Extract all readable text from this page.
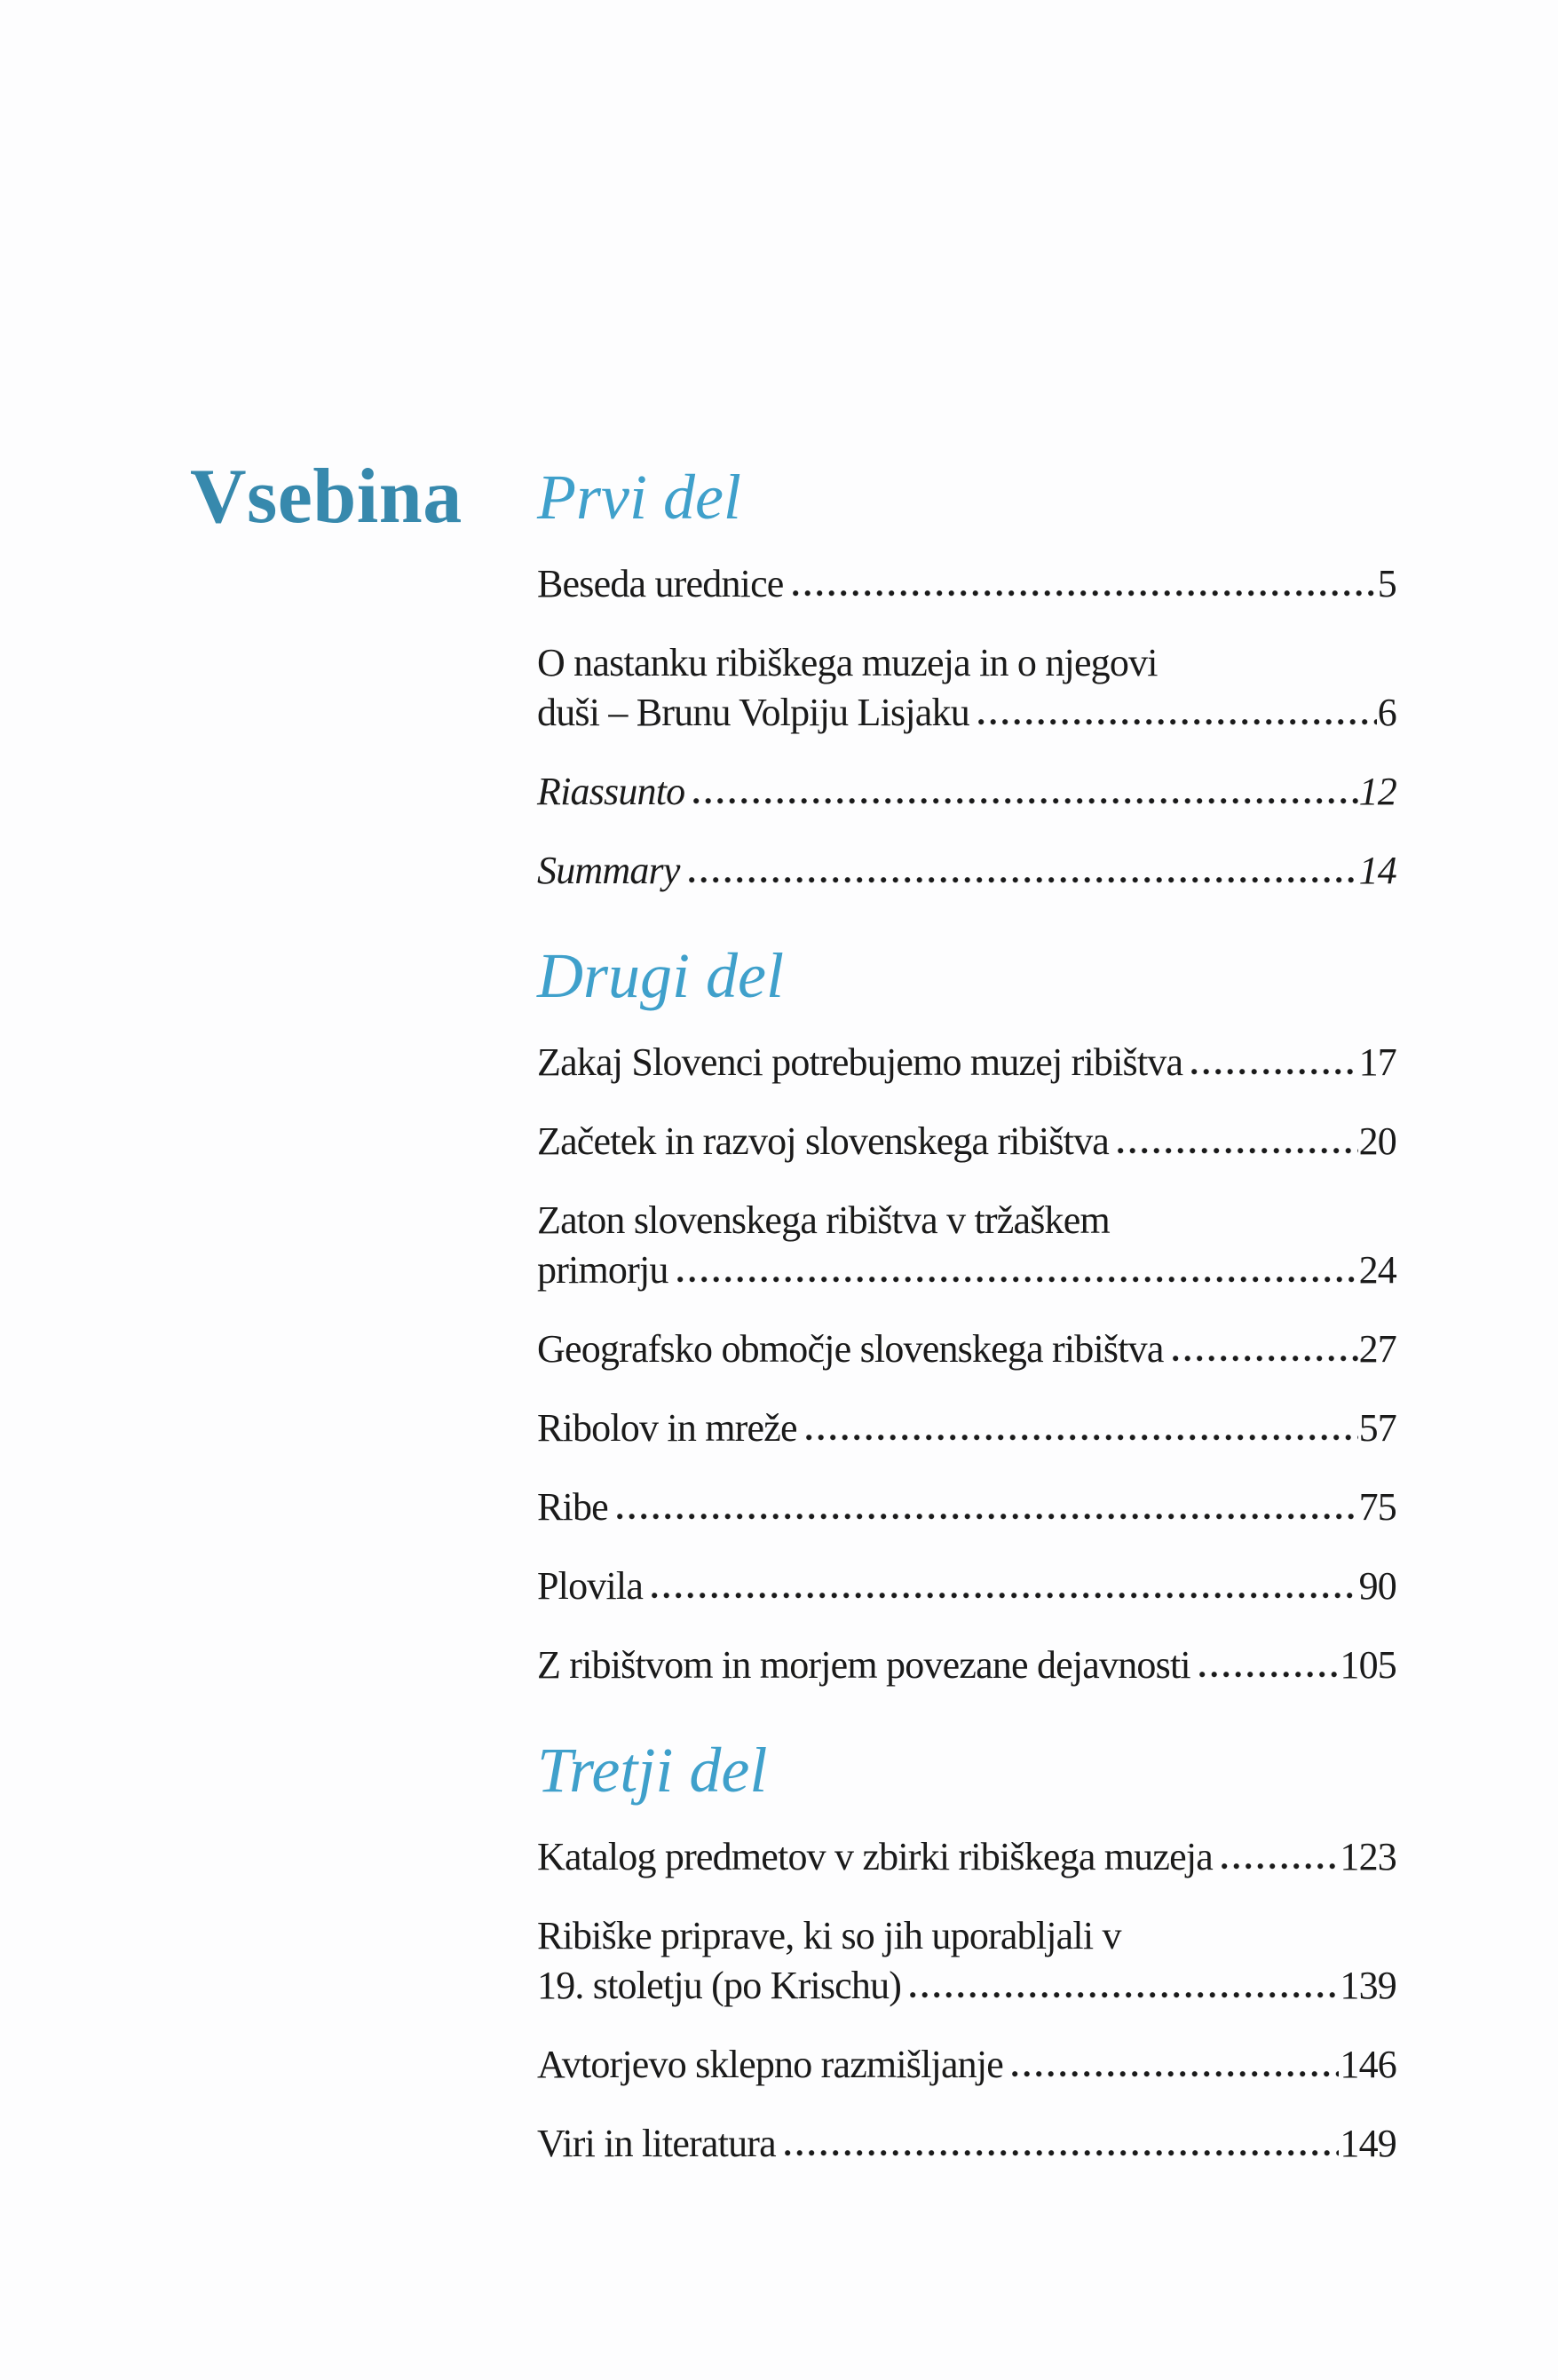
Vsebina Prvi del
Beseda urednice	5
O nastanku ribiškega muzeja in o njegovi
duši – Brunu Volpiju Lisjaku	6
Riassunto	12
Summary	14
Drugi del
Zakaj Slovenci potrebujemo muzej ribištva	17
Začetek in razvoj slovenskega ribištva	20
Zaton slovenskega ribištva v tržaškem
primorju	24
Geografsko območje slovenskega ribištva	27
Ribolov in mreže	57
Ribe	75
Plovila	90
Z ribištvom in morjem povezane dejavnosti	105
Tretji del
Katalog predmetov v zbirki ribiškega muzeja	123
Ribiške priprave, ki so jih uporabljali v
19. stoletju (po Krischu)	139
Avtorjevo sklepno razmišljanje	146
Viri in literatura	149
